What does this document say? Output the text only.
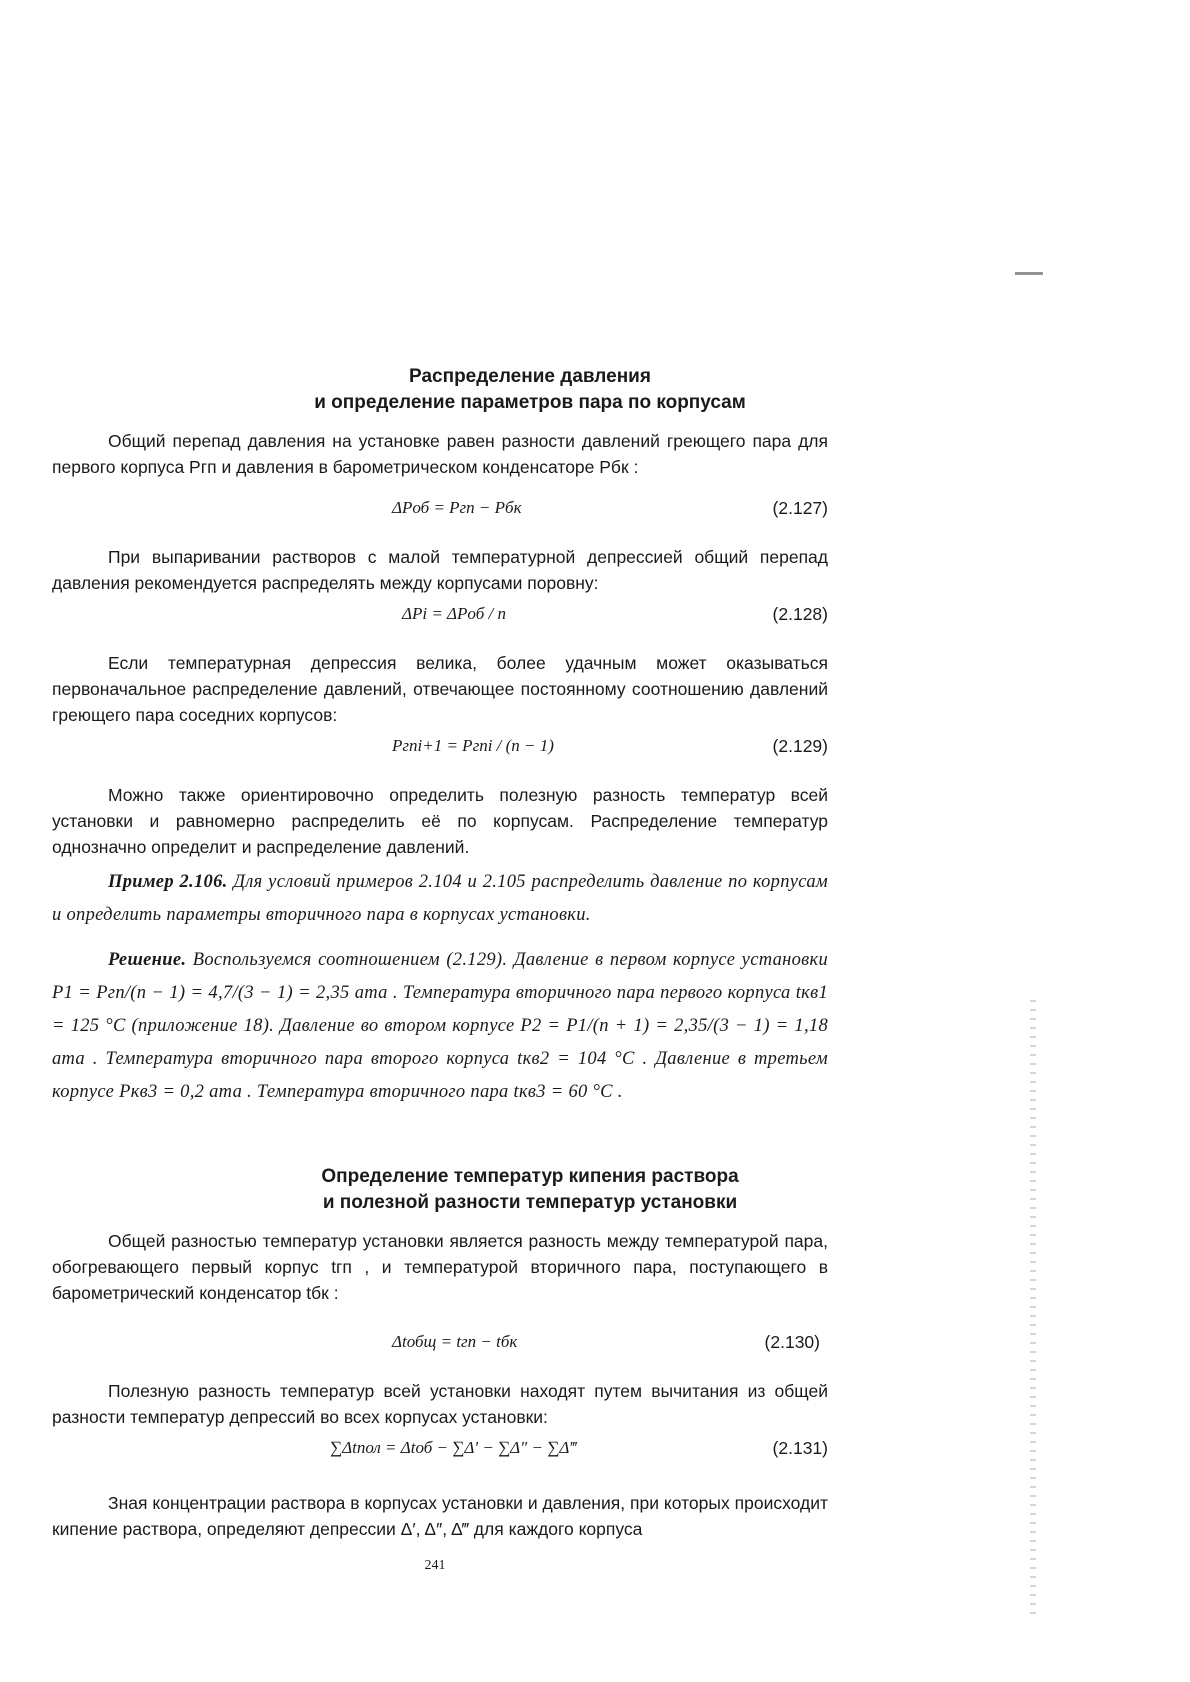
Распределение давления
и определение параметров пара по корпусам
Общий перепад давления на установке равен разности давлений греющего пара для первого корпуса Pгп и давления в барометрическом конденсаторе Pбк :
ΔPоб = Pгп − Pбк	(2.127)
При выпаривании растворов с малой температурной депрессией общий перепад давления рекомендуется распределять между корпусами поровну:
ΔPi = ΔPоб / n	(2.128)
Если температурная депрессия велика, более удачным может оказываться первоначальное распределение давлений, отвечающее постоянному соотношению давлений греющего пара соседних корпусов:
Pгпi+1 = Pгпi / (n − 1)	(2.129)
Можно также ориентировочно определить полезную разность температур всей установки и равномерно распределить её по корпусам. Распределение температур однозначно определит и распределение давлений.
Пример 2.106. Для условий примеров 2.104 и 2.105 распределить давление по корпусам и определить параметры вторичного пара в корпусах установки.
Решение. Воспользуемся соотношением (2.129). Давление в первом корпусе установки P1 = Pгп/(n − 1) = 4,7/(3 − 1) = 2,35 ата . Температура вторичного пара первого корпуса tкв1 = 125 °С (приложение 18). Давление во втором корпусе P2 = P1/(n + 1) = 2,35/(3 − 1) = 1,18 ата . Температура вторичного пара второго корпуса tкв2 = 104 °С . Давление в третьем корпусе Pкв3 = 0,2 ата . Температура вторичного пара tкв3 = 60 °С .
Определение температур кипения раствора
и полезной разности температур установки
Общей разностью температур установки является разность между температурой пара, обогревающего первый корпус tгп , и температурой вторичного пара, поступающего в барометрический конденсатор tбк :
Δtобщ = tгп − tбк	(2.130)
Полезную разность температур всей установки находят путем вычитания из общей разности температур депрессий во всех корпусах установки:
∑Δtпол = Δtоб − ∑Δ′ − ∑Δ″ − ∑Δ‴	(2.131)
Зная концентрации раствора в корпусах установки и давления, при которых происходит кипение раствора, определяют депрессии Δ′, Δ″, Δ‴ для каждого корпуса
241
